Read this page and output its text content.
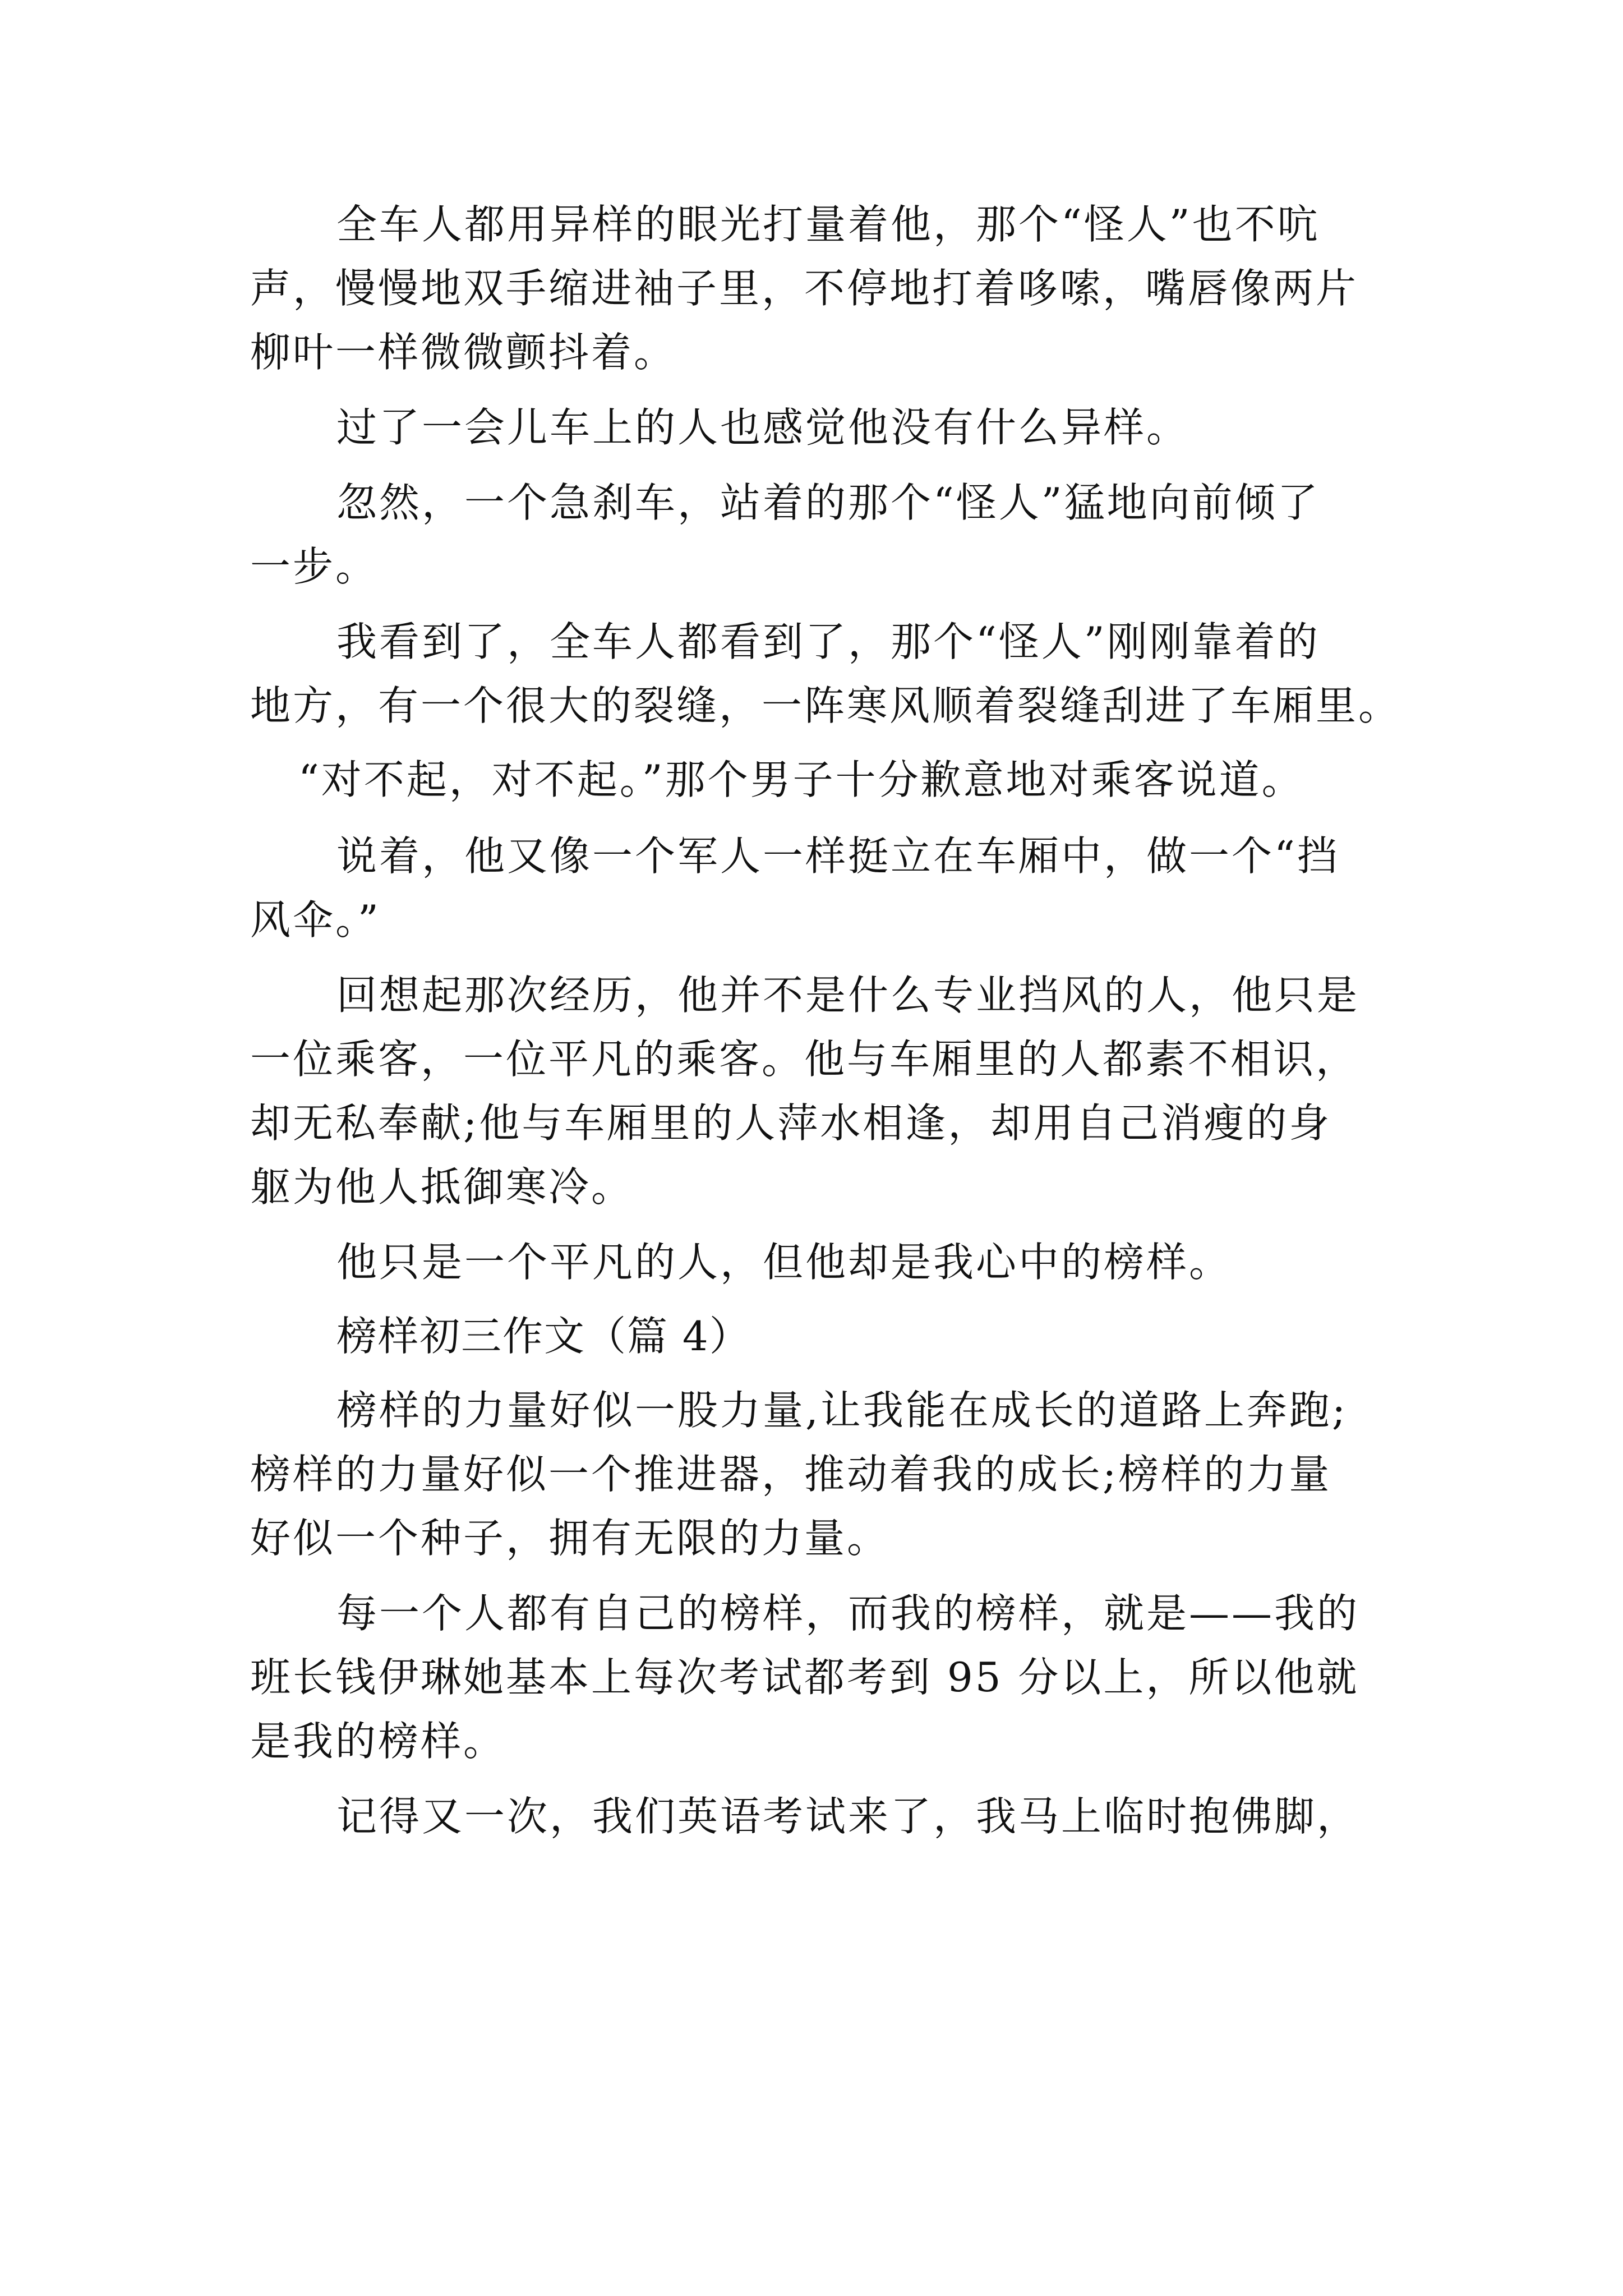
全车人都用异样的眼光打量着他，那个“怪人”也不吭
声，慢慢地双手缩进袖子里，不停地打着哆嗦，嘴唇像两片
柳叶一样微微颤抖着。
过了一会儿车上的人也感觉他没有什么异样。
忽然，一个急刹车，站着的那个“怪人”猛地向前倾了
一步。
我看到了，全车人都看到了，那个“怪人”刚刚靠着的
地方，有一个很大的裂缝，一阵寒风顺着裂缝刮进了车厢里。
“对不起，对不起。”那个男子十分歉意地对乘客说道。
说着，他又像一个军人一样挺立在车厢中，做一个“挡
风伞。”
回想起那次经历，他并不是什么专业挡风的人，他只是
一位乘客，一位平凡的乘客。他与车厢里的人都素不相识，
却无私奉献;他与车厢里的人萍水相逢，却用自己消瘦的身
躯为他人抵御寒冷。
他只是一个平凡的人，但他却是我心中的榜样。
榜样初三作文（篇 4）
榜样的力量好似一股力量,让我能在成长的道路上奔跑;
榜样的力量好似一个推进器，推动着我的成长;榜样的力量
好似一个种子，拥有无限的力量。
每一个人都有自己的榜样，而我的榜样，就是——我的
班长钱伊琳她基本上每次考试都考到 95 分以上，所以他就
是我的榜样。
记得又一次，我们英语考试来了，我马上临时抱佛脚，
